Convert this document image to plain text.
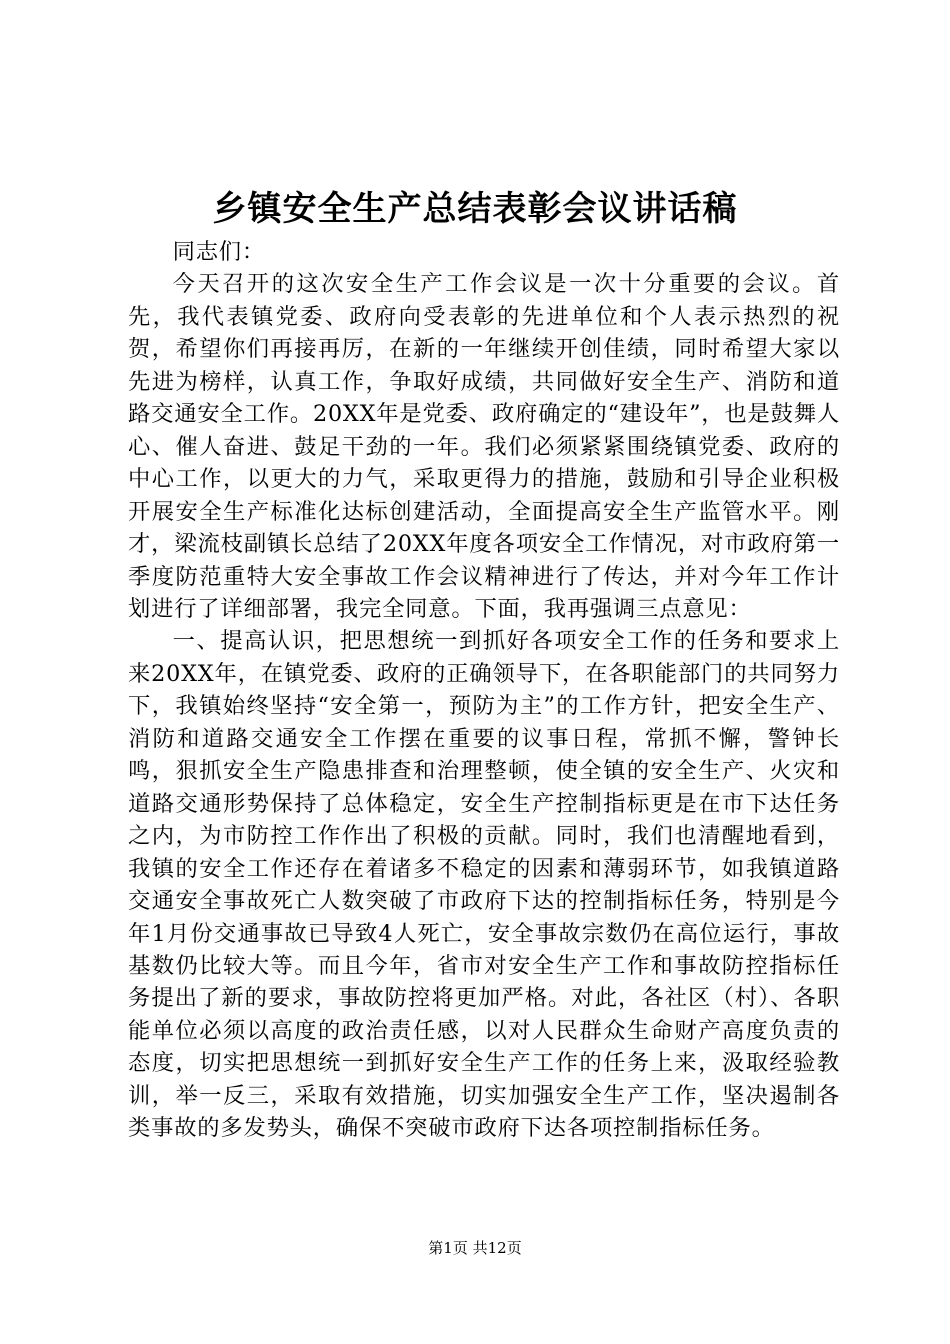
乡镇安全生产总结表彰会议讲话稿

同志们：

今天召开的这次安全生产工作会议是一次十分重要的会议。首先，我代表镇党委、政府向受表彰的先进单位和个人表示热烈的祝贺，希望你们再接再厉，在新的一年继续开创佳绩，同时希望大家以先进为榜样，认真工作，争取好成绩，共同做好安全生产、消防和道路交通安全工作。20XX年是党委、政府确定的“建设年”，也是鼓舞人心、催人奋进、鼓足干劲的一年。我们必须紧紧围绕镇党委、政府的中心工作，以更大的力气，采取更得力的措施，鼓励和引导企业积极开展安全生产标准化达标创建活动，全面提高安全生产监管水平。刚才，梁流枝副镇长总结了20XX年度各项安全工作情况，对市政府第一季度防范重特大安全事故工作会议精神进行了传达，并对今年工作计划进行了详细部署，我完全同意。下面，我再强调三点意见：

一、提高认识，把思想统一到抓好各项安全工作的任务和要求上来20XX年，在镇党委、政府的正确领导下，在各职能部门的共同努力下，我镇始终坚持“安全第一，预防为主”的工作方针，把安全生产、消防和道路交通安全工作摆在重要的议事日程，常抓不懈，警钟长鸣，狠抓安全生产隐患排查和治理整顿，使全镇的安全生产、火灾和道路交通形势保持了总体稳定，安全生产控制指标更是在市下达任务之内，为市防控工作作出了积极的贡献。同时，我们也清醒地看到，我镇的安全工作还存在着诸多不稳定的因素和薄弱环节，如我镇道路交通安全事故死亡人数突破了市政府下达的控制指标任务，特别是今年1月份交通事故已导致4人死亡，安全事故宗数仍在高位运行，事故基数仍比较大等。而且今年，省市对安全生产工作和事故防控指标任务提出了新的要求，事故防控将更加严格。对此，各社区（村）、各职能单位必须以高度的政治责任感，以对人民群众生命财产高度负责的态度，切实把思想统一到抓好安全生产工作的任务上来，汲取经验教训，举一反三，采取有效措施，切实加强安全生产工作，坚决遏制各类事故的多发势头，确保不突破市政府下达各项控制指标任务。

第1页 共12页
